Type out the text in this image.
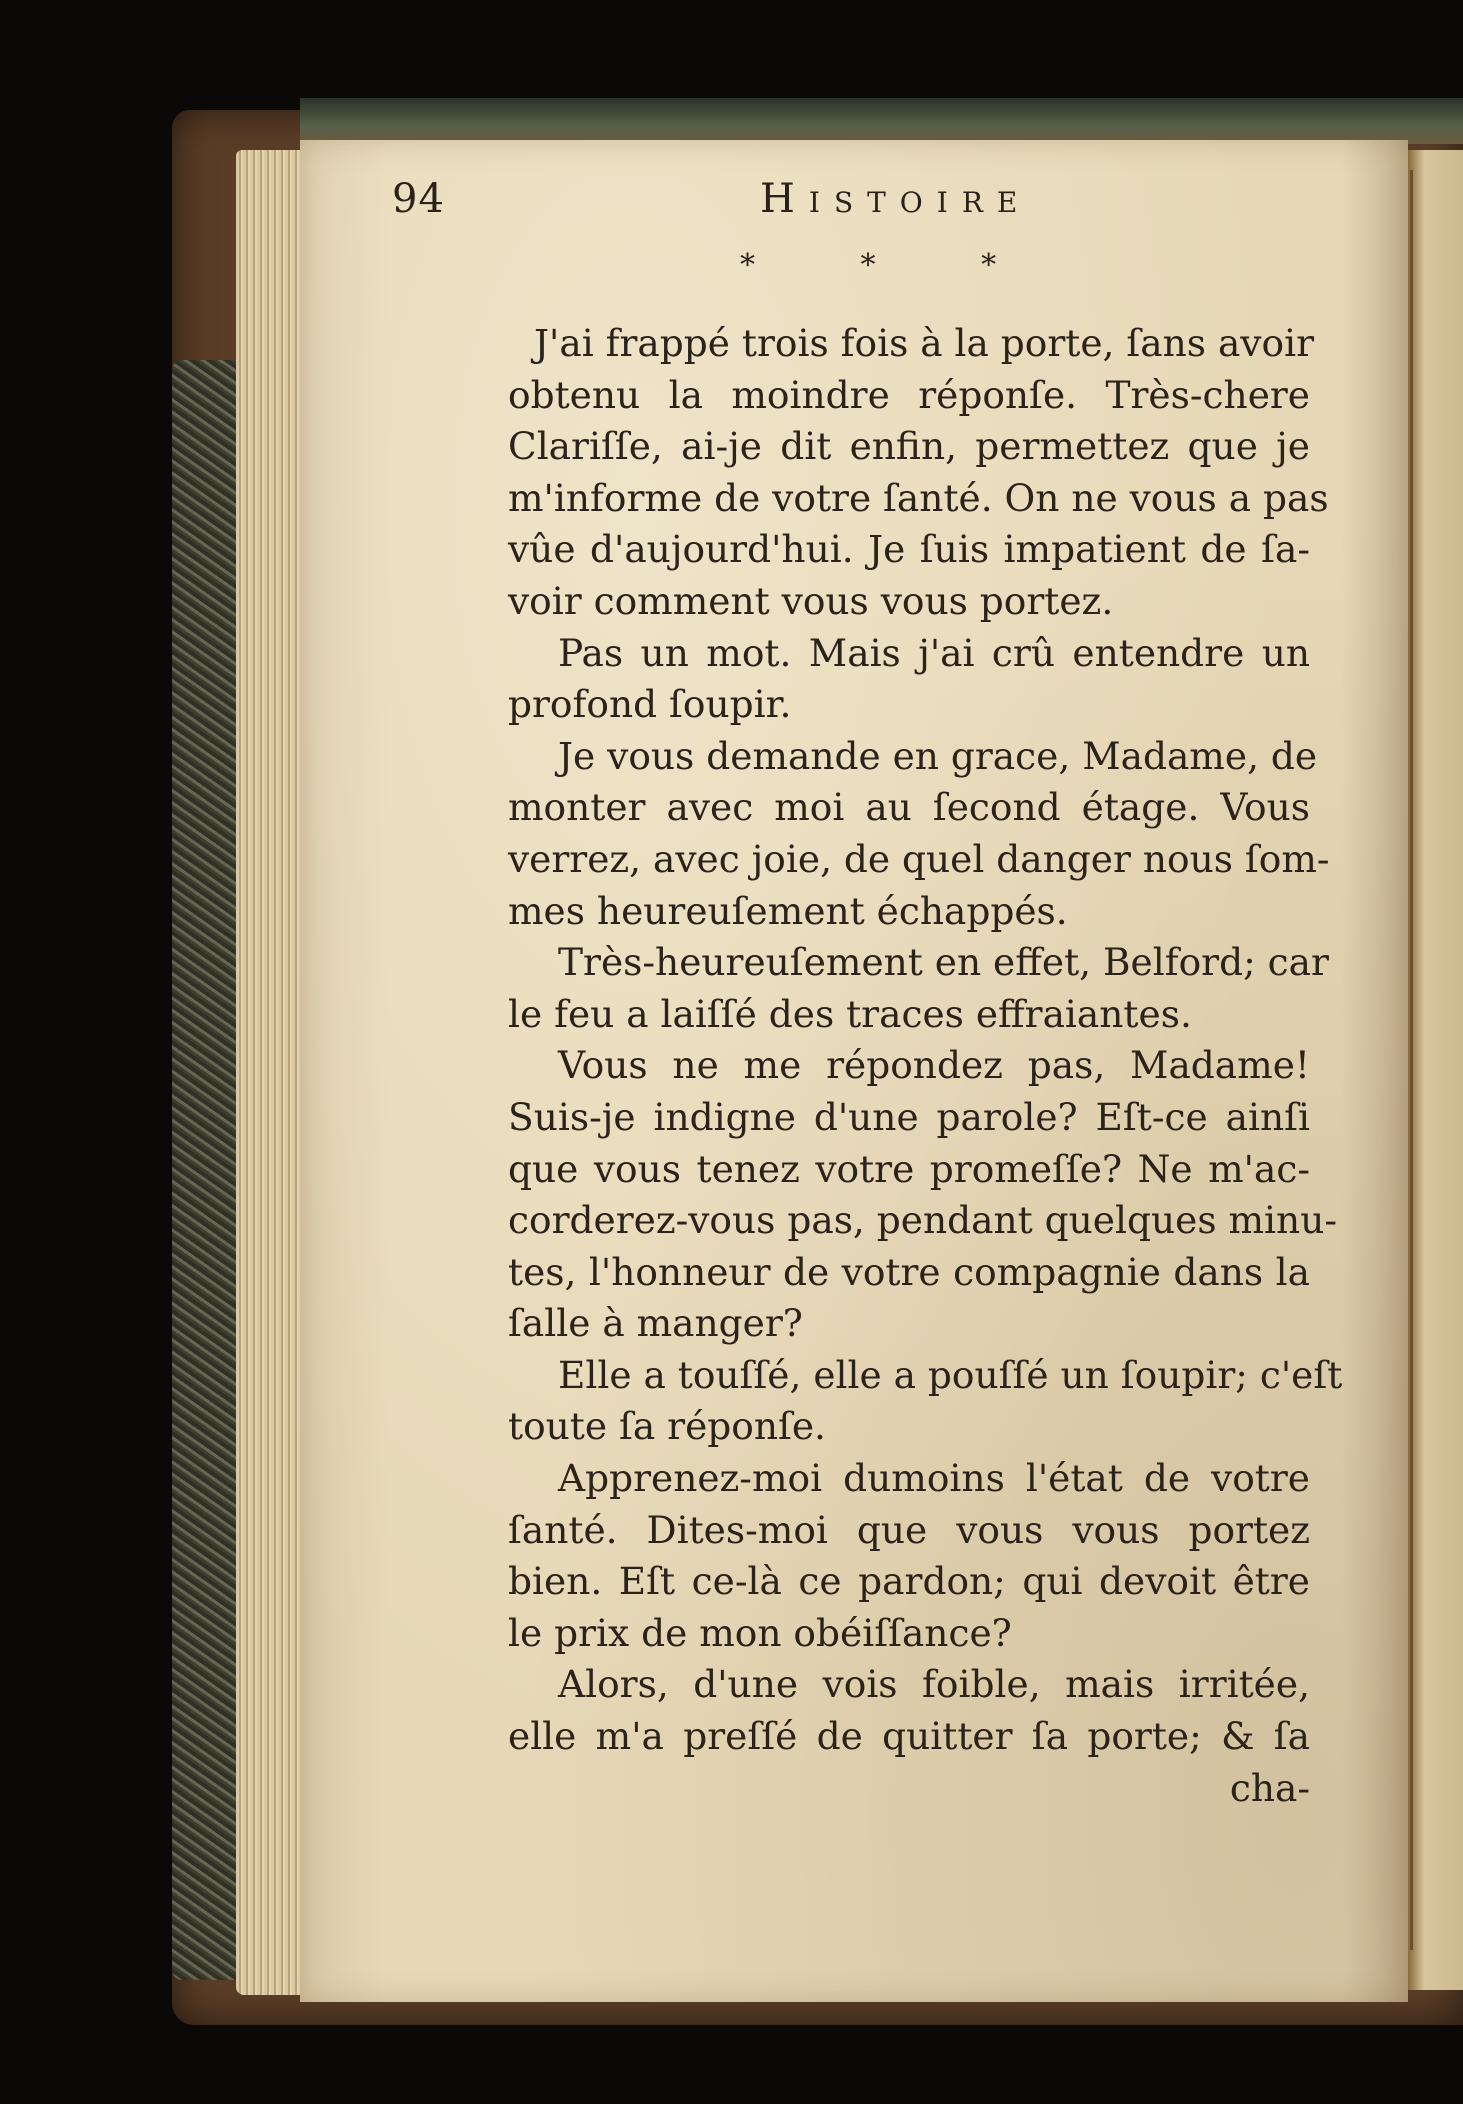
94	Histoire
* * *
J'ai frappé trois fois à la porte, ſans avoir
obtenu la moindre réponſe. Très-chere
Clariſſe, ai-je dit enfin, permettez que je
m'informe de votre ſanté. On ne vous a pas
vûe d'aujourd'hui. Je ſuis impatient de ſa-
voir comment vous vous portez.
Pas un mot. Mais j'ai crû entendre un
profond ſoupir.
Je vous demande en grace, Madame, de
monter avec moi au ſecond étage. Vous
verrez, avec joie, de quel danger nous ſom-
mes heureuſement échappés.
Très-heureuſement en effet, Belford; car
le feu a laiſſé des traces effraiantes.
Vous ne me répondez pas, Madame!
Suis-je indigne d'une parole? Eſt-ce ainſi
que vous tenez votre promeſſe? Ne m'ac-
corderez-vous pas, pendant quelques minu-
tes, l'honneur de votre compagnie dans la
ſalle à manger?
Elle a touſſé, elle a pouſſé un ſoupir; c'eſt
toute ſa réponſe.
Apprenez-moi dumoins l'état de votre
ſanté. Dites-moi que vous vous portez
bien. Eſt ce-là ce pardon; qui devoit être
le prix de mon obéiſſance?
Alors, d'une vois foible, mais irritée,
elle m'a preſſé de quitter ſa porte; & ſa
cha-
